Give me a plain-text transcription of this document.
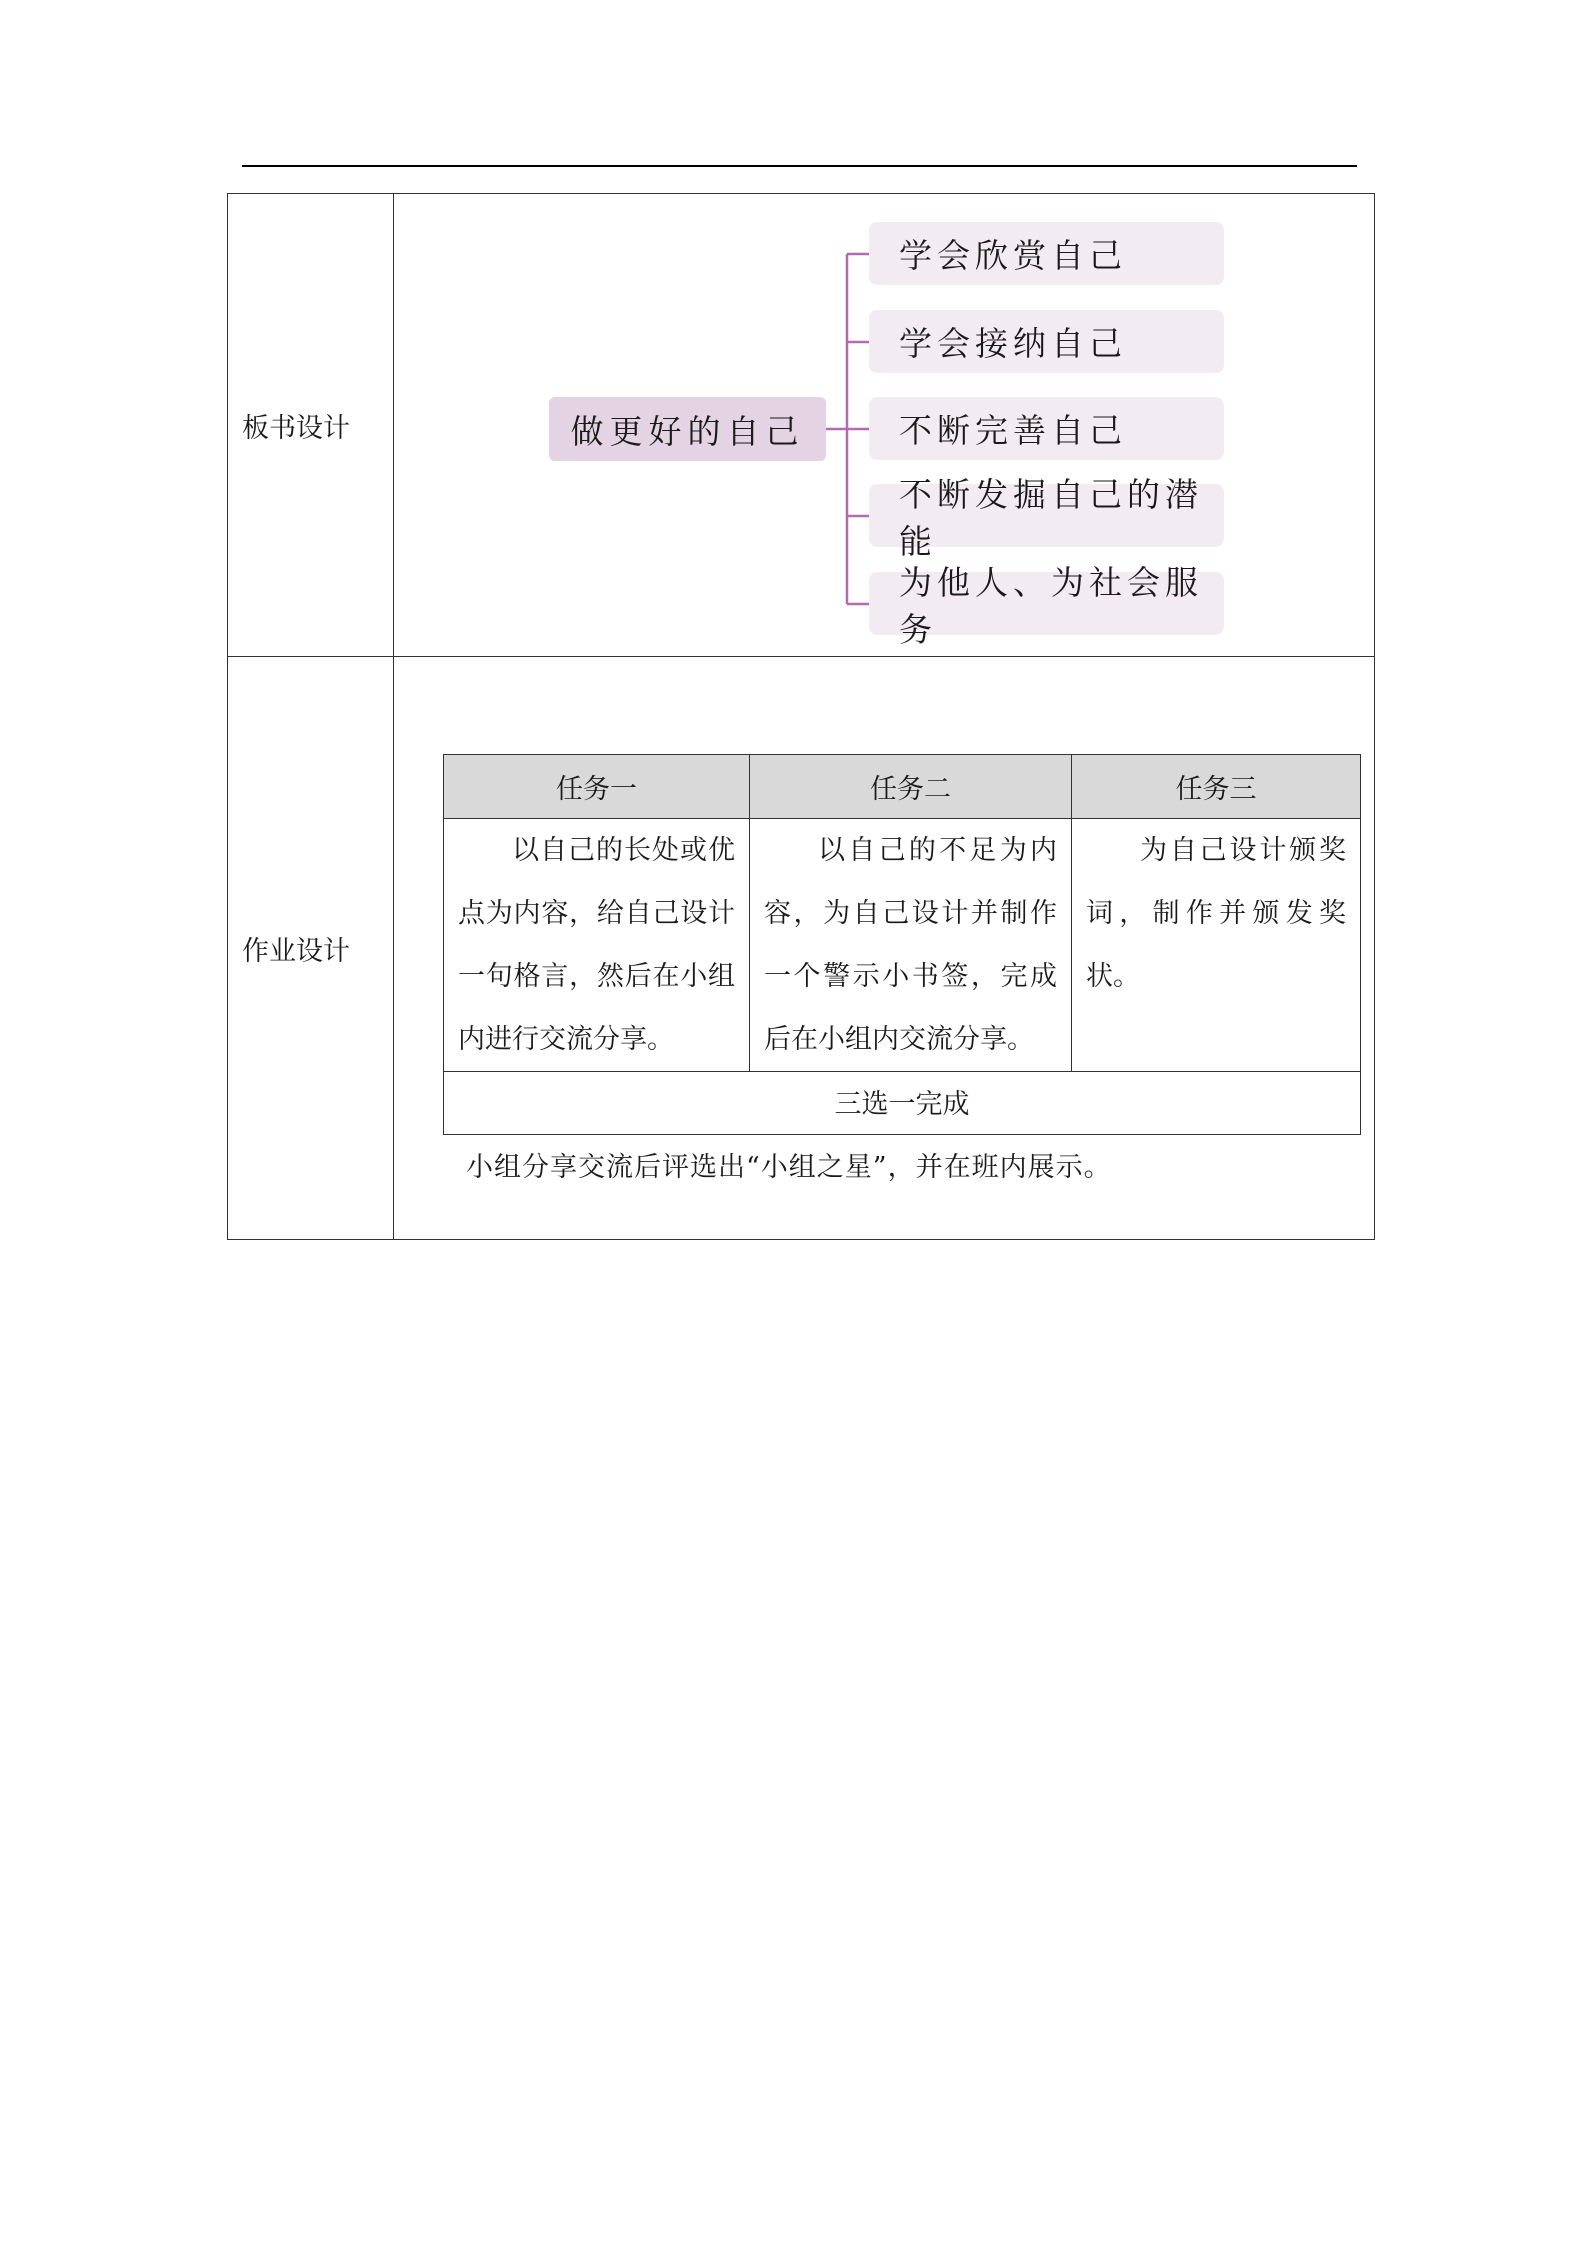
板书设计	做更好的自己
学会欣赏自己
学会接纳自己
不断完善自己
不断发掘自己的潜能
为他人、为社会服务

作业设计	
任务一	任务二	任务三
以自己的长处或优点为内容，给自己设计一句格言，然后在小组内进行交流分享。	以自己的不足为内容，为自己设计并制作一个警示小书签，完成后在小组内交流分享。	为自己设计颁奖词，制作并颁发奖状。
三选一完成
小组分享交流后评选出“小组之星”，并在班内展示。
